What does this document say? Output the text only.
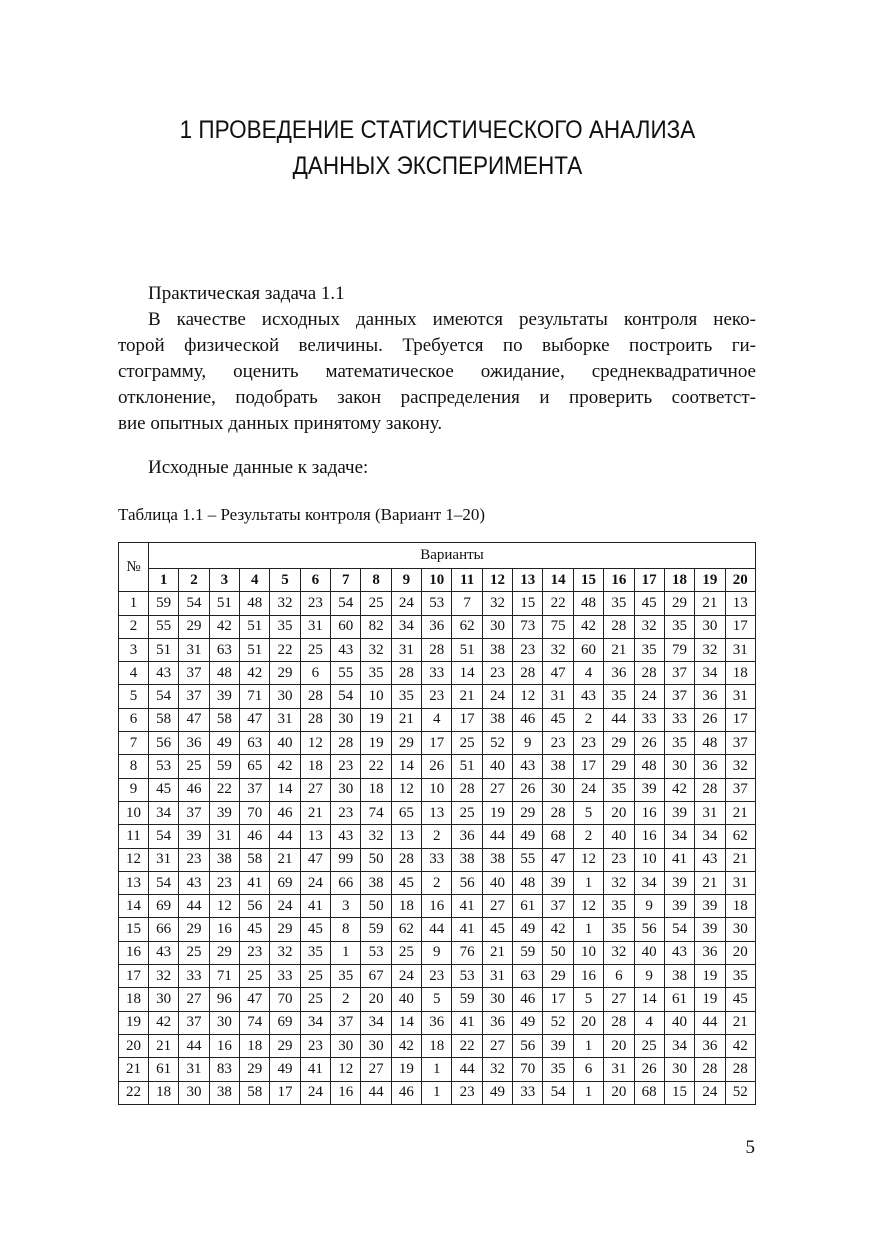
1 ПРОВЕДЕНИЕ СТАТИСТИЧЕСКОГО АНАЛИЗА
ДАННЫХ ЭКСПЕРИМЕНТА
Практическая задача 1.1
В качестве исходных данных имеются результаты контроля неко-
торой физической величины. Требуется по выборке построить ги-
стограмму, оценить математическое ожидание, среднеквадратичное
отклонение, подобрать закон распределения и проверить соответст-
вие опытных данных принятому закону.
Исходные данные к задаче:
Таблица 1.1 – Результаты контроля (Вариант 1–20)
№	Варианты																			
	1	2	3	4	5	6	7	8	9	10	11	12	13	14	15	16	17	18	19	20
1	59	54	51	48	32	23	54	25	24	53	7	32	15	22	48	35	45	29	21	13
2	55	29	42	51	35	31	60	82	34	36	62	30	73	75	42	28	32	35	30	17
3	51	31	63	51	22	25	43	32	31	28	51	38	23	32	60	21	35	79	32	31
4	43	37	48	42	29	6	55	35	28	33	14	23	28	47	4	36	28	37	34	18
5	54	37	39	71	30	28	54	10	35	23	21	24	12	31	43	35	24	37	36	31
6	58	47	58	47	31	28	30	19	21	4	17	38	46	45	2	44	33	33	26	17
7	56	36	49	63	40	12	28	19	29	17	25	52	9	23	23	29	26	35	48	37
8	53	25	59	65	42	18	23	22	14	26	51	40	43	38	17	29	48	30	36	32
9	45	46	22	37	14	27	30	18	12	10	28	27	26	30	24	35	39	42	28	37
10	34	37	39	70	46	21	23	74	65	13	25	19	29	28	5	20	16	39	31	21
11	54	39	31	46	44	13	43	32	13	2	36	44	49	68	2	40	16	34	34	62
12	31	23	38	58	21	47	99	50	28	33	38	38	55	47	12	23	10	41	43	21
13	54	43	23	41	69	24	66	38	45	2	56	40	48	39	1	32	34	39	21	31
14	69	44	12	56	24	41	3	50	18	16	41	27	61	37	12	35	9	39	39	18
15	66	29	16	45	29	45	8	59	62	44	41	45	49	42	1	35	56	54	39	30
16	43	25	29	23	32	35	1	53	25	9	76	21	59	50	10	32	40	43	36	20
17	32	33	71	25	33	25	35	67	24	23	53	31	63	29	16	6	9	38	19	35
18	30	27	96	47	70	25	2	20	40	5	59	30	46	17	5	27	14	61	19	45
19	42	37	30	74	69	34	37	34	14	36	41	36	49	52	20	28	4	40	44	21
20	21	44	16	18	29	23	30	30	42	18	22	27	56	39	1	20	25	34	36	42
21	61	31	83	29	49	41	12	27	19	1	44	32	70	35	6	31	26	30	28	28
22	18	30	38	58	17	24	16	44	46	1	23	49	33	54	1	20	68	15	24	52
5
